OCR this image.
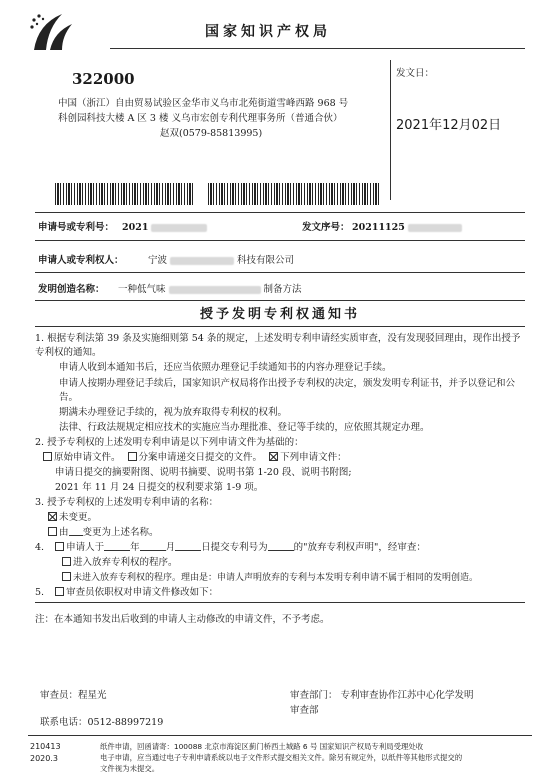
国家知识产权局
322000
中国（浙江）自由贸易试验区金华市义乌市北苑街道雪峰西路 968 号
科创园科技大楼 A 区 3 楼 义乌市宏创专利代理事务所（普通合伙）
赵双(0579-85813995)
发文日：
2021年12月02日
申请号或专利号： 2021	发文序号： 20211125
申请人或专利权人：	宁波	科技有限公司
发明创造名称： 一种低气味	制备方法
授予发明专利权通知书
1. 根据专利法第 39 条及实施细则第 54 条的规定，上述发明专利申请经实质审查，没有发现驳回理由，现作出授予专利权的通知。
申请人收到本通知书后，还应当依照办理登记手续通知书的内容办理登记手续。
申请人按期办理登记手续后，国家知识产权局将作出授予专利权的决定，颁发发明专利证书，并予以登记和公告。
期满未办理登记手续的，视为放弃取得专利权的权利。
法律、行政法规规定相应技术的实施应当办理批准、登记等手续的，应依照其规定办理。
2. 授予专利权的上述发明专利申请是以下列申请文件为基础的：
原始申请文件。 分案申请递交日提交的文件。 下列申请文件：
申请日提交的摘要附图、说明书摘要、说明书第 1-20 段、说明书附图;
2021 年 11 月 24 日提交的权利要求第 1-9 项。
3. 授予专利权的上述发明专利申请的名称：
未变更。
由 变更为上述名称。
4. 申请人于	年	月	日提交专利号为	的"放弃专利权声明"，经审查：
进入放弃专利权的程序。
未进入放弃专利权的程序。理由是：申请人声明放弃的专利与本发明专利申请不属于相同的发明创造。
5. 审查员依职权对申请文件修改如下：
注：在本通知书发出后收到的申请人主动修改的申请文件，不予考虑。
审查员：程星光
联系电话：0512-88997219
审查部门： 专利审查协作江苏中心化学发明
审查部
210413
2020.3
纸件申请，回函请寄：100088 北京市海淀区蓟门桥西土城路 6 号 国家知识产权局专利局受理处收
电子申请，应当通过电子专利申请系统以电子文件形式提交相关文件。除另有规定外，以纸件等其他形式提交的
文件视为未提交。
